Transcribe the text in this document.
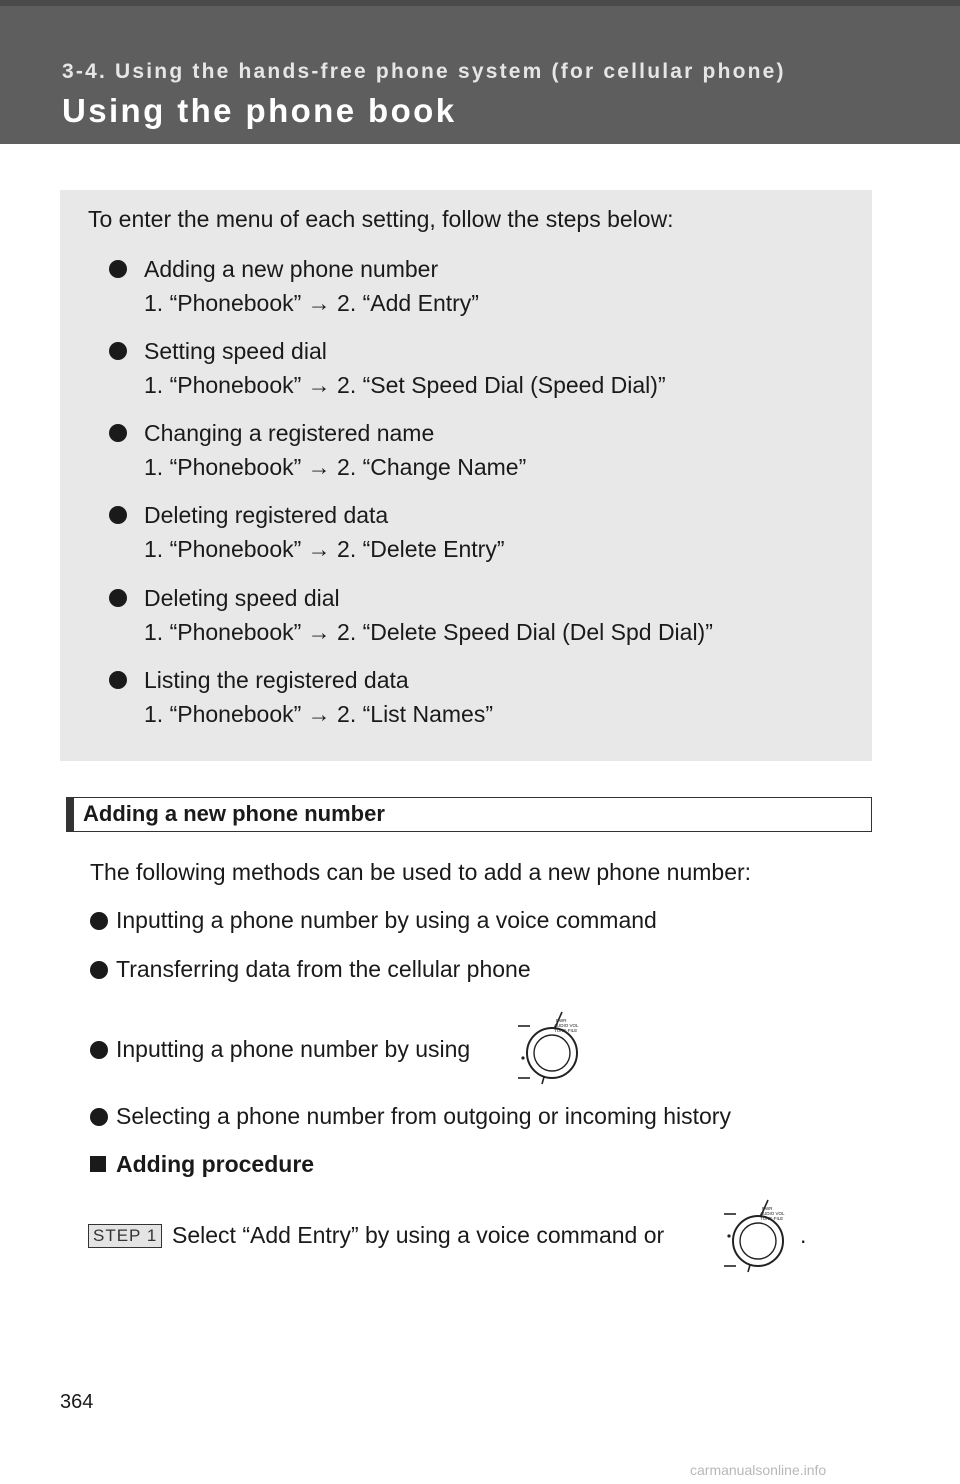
3-4. Using the hands-free phone system (for cellular phone)
Using the phone book
To enter the menu of each setting, follow the steps below:
Adding a new phone number
1. “Phonebook” → 2. “Add Entry”
Setting speed dial
1. “Phonebook” → 2. “Set Speed Dial (Speed Dial)”
Changing a registered name
1. “Phonebook” → 2. “Change Name”
Deleting registered data
1. “Phonebook” → 2. “Delete Entry”
Deleting speed dial
1. “Phonebook” → 2. “Delete Speed Dial (Del Spd Dial)”
Listing the registered data
1. “Phonebook” → 2. “List Names”
Adding a new phone number
The following methods can be used to add a new phone number:
Inputting a phone number by using a voice command
Transferring data from the cellular phone
Inputting a phone number by using
PWR
AUDIO VOL
TUNE·FILE
Selecting a phone number from outgoing or incoming history
Adding procedure
STEP 1 Select “Add Entry” by using a voice command or
PWR
AUDIO VOL
TUNE·FILE
.
364
carmanualsonline.info
